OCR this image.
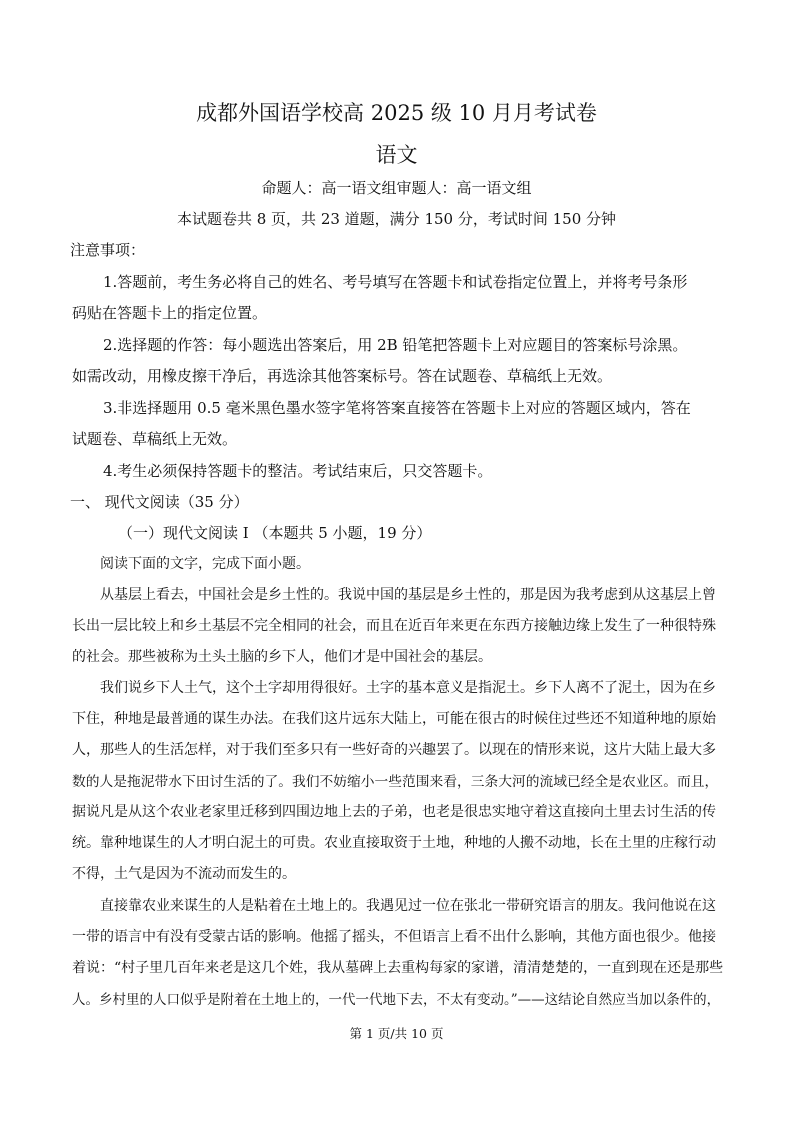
成都外国语学校高 2025 级 10 月月考试卷
语文
命题人：高一语文组审题人：高一语文组
本试题卷共 8 页，共 23 道题，满分 150 分，考试时间 150 分钟
注意事项：
1.答题前，考生务必将自己的姓名、考号填写在答题卡和试卷指定位置上，并将考号条形
码贴在答题卡上的指定位置。
2.选择题的作答：每小题选出答案后，用 2B 铅笔把答题卡上对应题目的答案标号涂黑。
如需改动，用橡皮擦干净后，再选涂其他答案标号。答在试题卷、草稿纸上无效。
3.非选择题用 0.5 毫米黑色墨水签字笔将答案直接答在答题卡上对应的答题区域内，答在
试题卷、草稿纸上无效。
4.考生必须保持答题卡的整洁。考试结束后，只交答题卡。
一、 现代文阅读（35 分）
（一）现代文阅读 I （本题共 5 小题，19 分）
阅读下面的文字，完成下面小题。
从基层上看去，中国社会是乡土性的。我说中国的基层是乡土性的，那是因为我考虑到从这基层上曾
长出一层比较上和乡土基层不完全相同的社会，而且在近百年来更在东西方接触边缘上发生了一种很特殊
的社会。那些被称为土头土脑的乡下人，他们才是中国社会的基层。
我们说乡下人土气，这个土字却用得很好。土字的基本意义是指泥土。乡下人离不了泥土，因为在乡
下住，种地是最普通的谋生办法。在我们这片远东大陆上，可能在很古的时候住过些还不知道种地的原始
人，那些人的生活怎样，对于我们至多只有一些好奇的兴趣罢了。以现在的情形来说，这片大陆上最大多
数的人是拖泥带水下田讨生活的了。我们不妨缩小一些范围来看，三条大河的流域已经全是农业区。而且，
据说凡是从这个农业老家里迁移到四围边地上去的子弟，也老是很忠实地守着这直接向土里去讨生活的传
统。靠种地谋生的人才明白泥土的可贵。农业直接取资于土地，种地的人搬不动地，长在土里的庄稼行动
不得，土气是因为不流动而发生的。
直接靠农业来谋生的人是粘着在土地上的。我遇见过一位在张北一带研究语言的朋友。我问他说在这
一带的语言中有没有受蒙古话的影响。他摇了摇头，不但语言上看不出什么影响，其他方面也很少。他接
着说：“村子里几百年来老是这几个姓，我从墓碑上去重构每家的家谱，清清楚楚的，一直到现在还是那些
人。乡村里的人口似乎是附着在土地上的，一代一代地下去，不太有变动。”——这结论自然应当加以条件的，
第 1 页/共 10 页
